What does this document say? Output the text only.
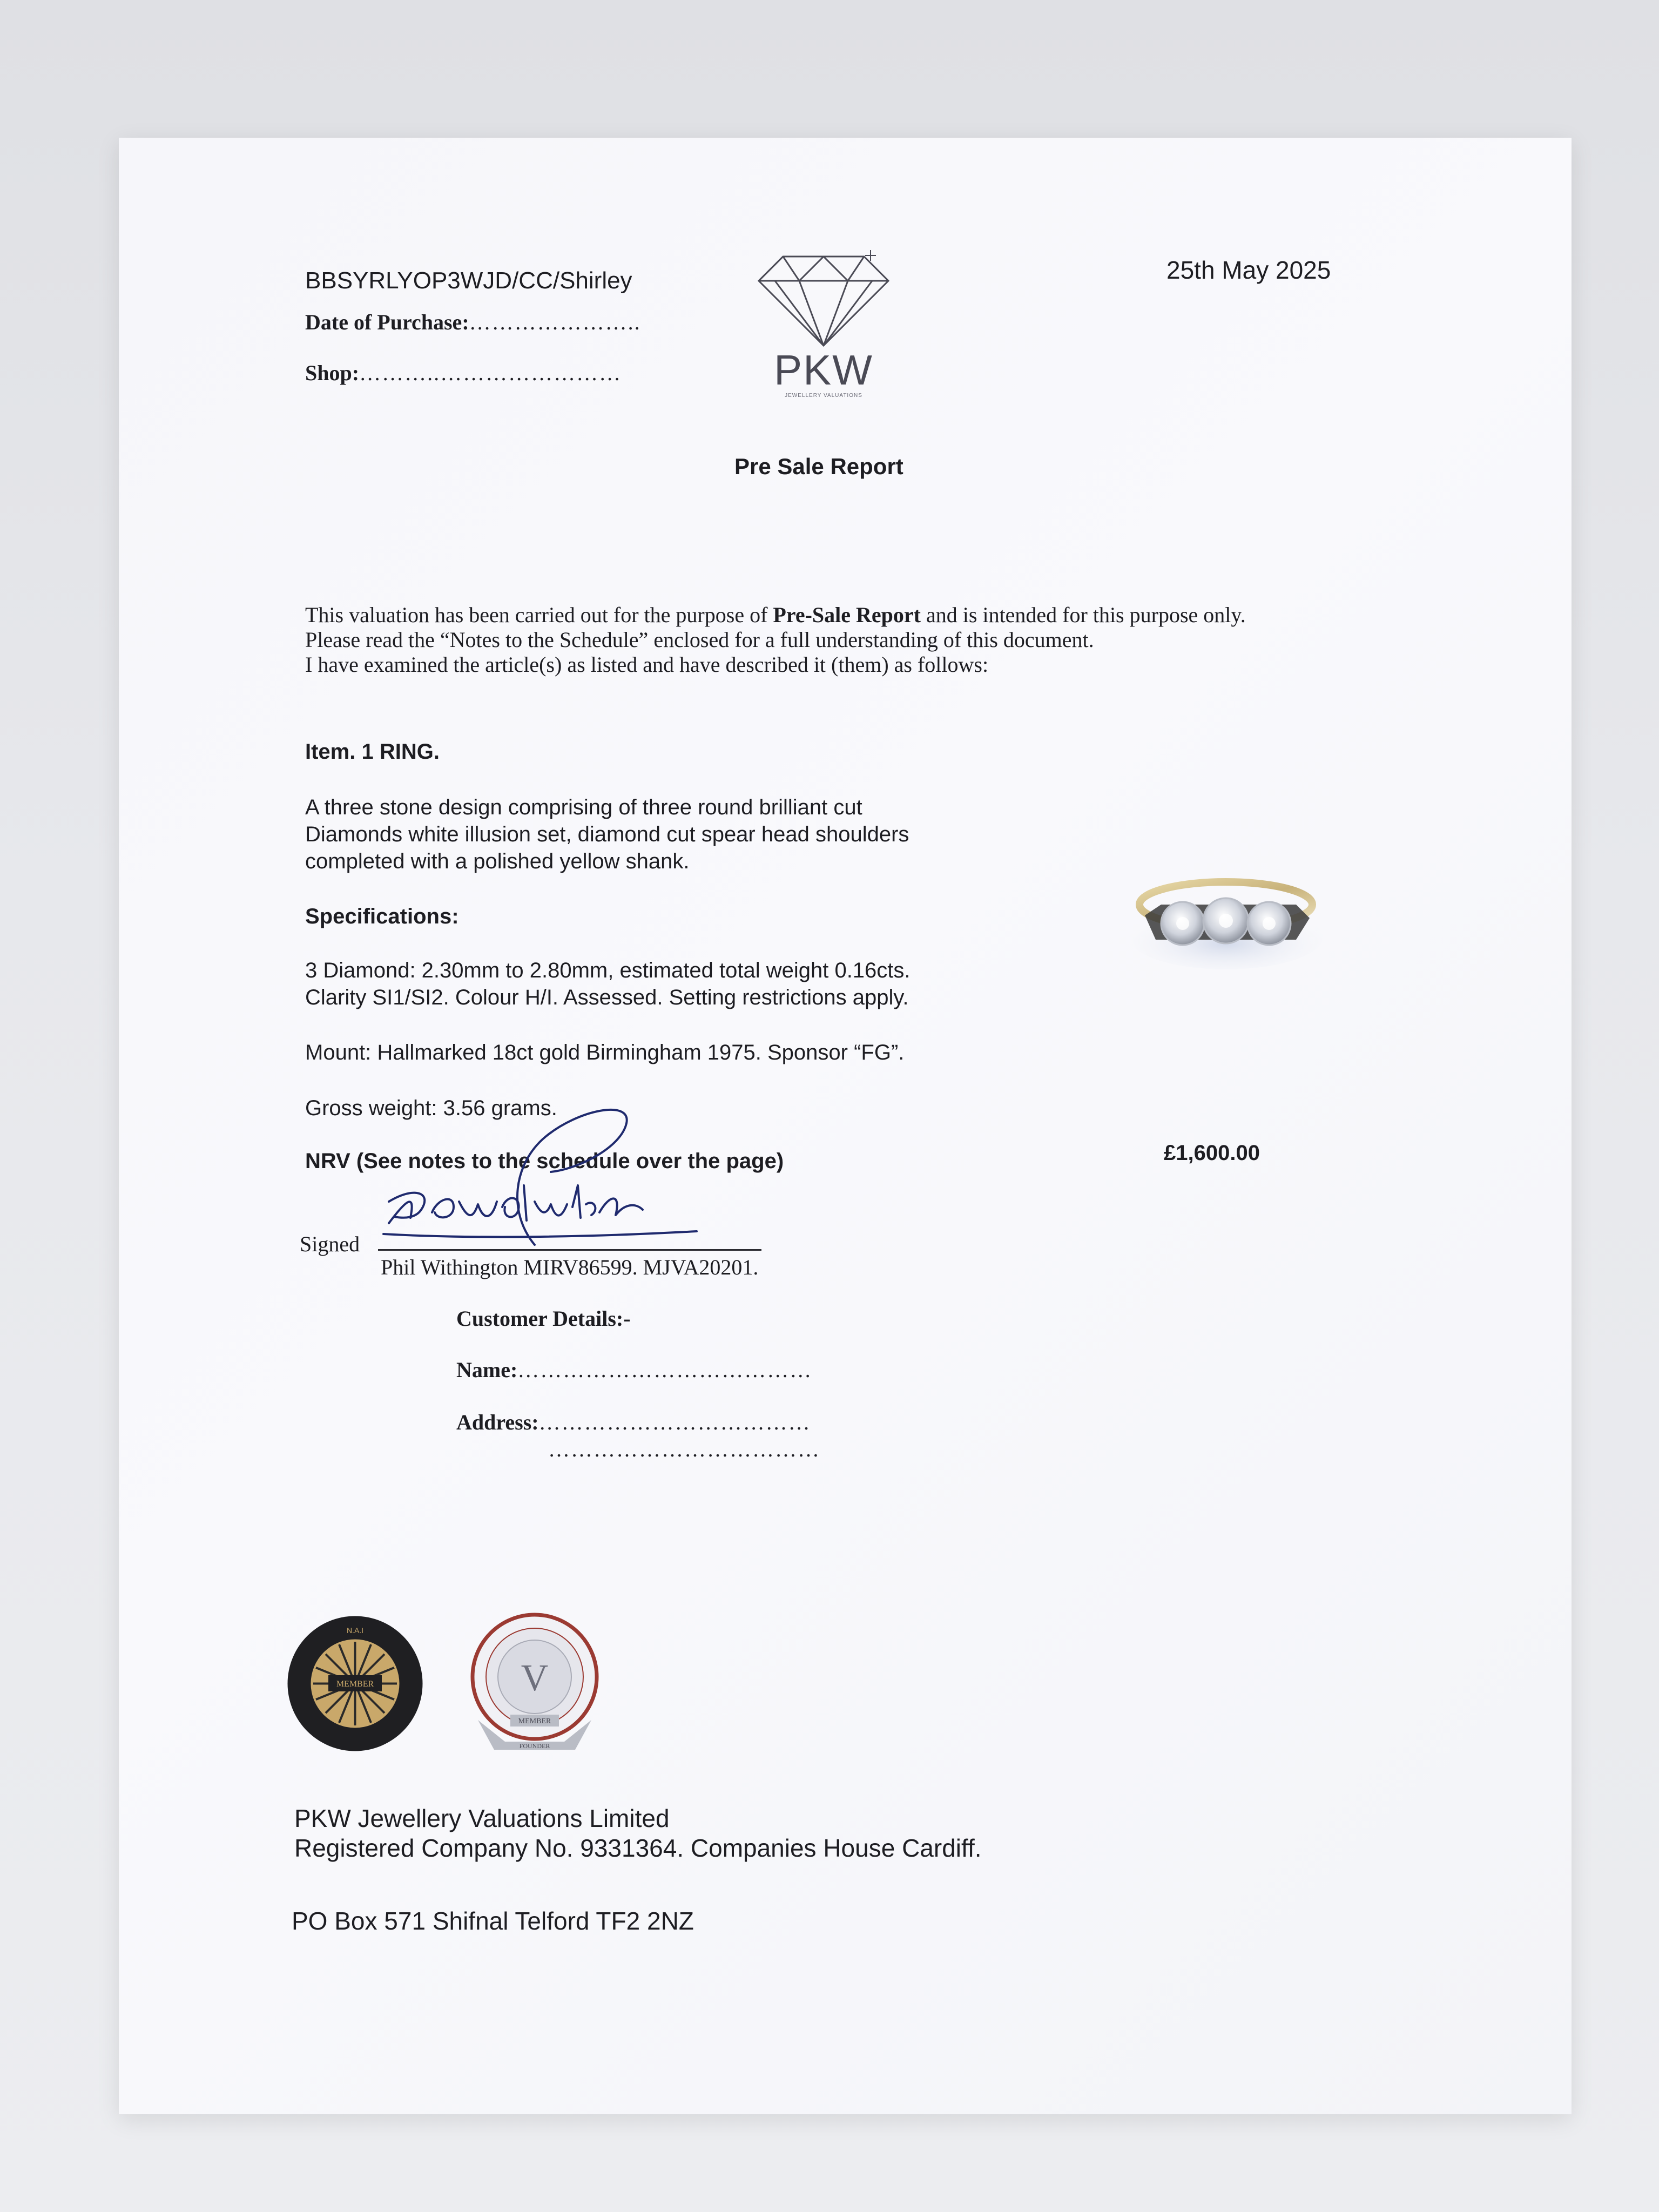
BBSYRLYOP3WJD/CC/Shirley
Date of Purchase:…………………..
Shop:………..……………………
25th May 2025
PKW
JEWELLERY VALUATIONS
Pre Sale Report
This valuation has been carried out for the purpose of Pre-Sale Report and is intended for this purpose only.
Please read the “Notes to the Schedule” enclosed for a full understanding of this document.
I have examined the article(s) as listed and have described it (them) as follows:
Item. 1 RING.
A three stone design comprising of three round brilliant cut
Diamonds white illusion set, diamond cut spear head shoulders
completed with a polished yellow shank.
Specifications:
3 Diamond: 2.30mm to 2.80mm, estimated total weight 0.16cts.
Clarity SI1/SI2. Colour H/I. Assessed. Setting restrictions apply.
Mount: Hallmarked 18ct gold Birmingham 1975. Sponsor “FG”.
Gross weight: 3.56 grams.
NRV (See notes to the schedule over the page)	£1,600.00
Signed
Phil Withington MIRV86599. MJVA20201.
Customer Details:-
Name:…………………………………
Address:………………………………
………………………………
MEMBER
N.A.I
V
MEMBER
FOUNDER
PKW Jewellery Valuations Limited
Registered Company No. 9331364. Companies House Cardiff.
PO Box 571 Shifnal Telford TF2 2NZ
